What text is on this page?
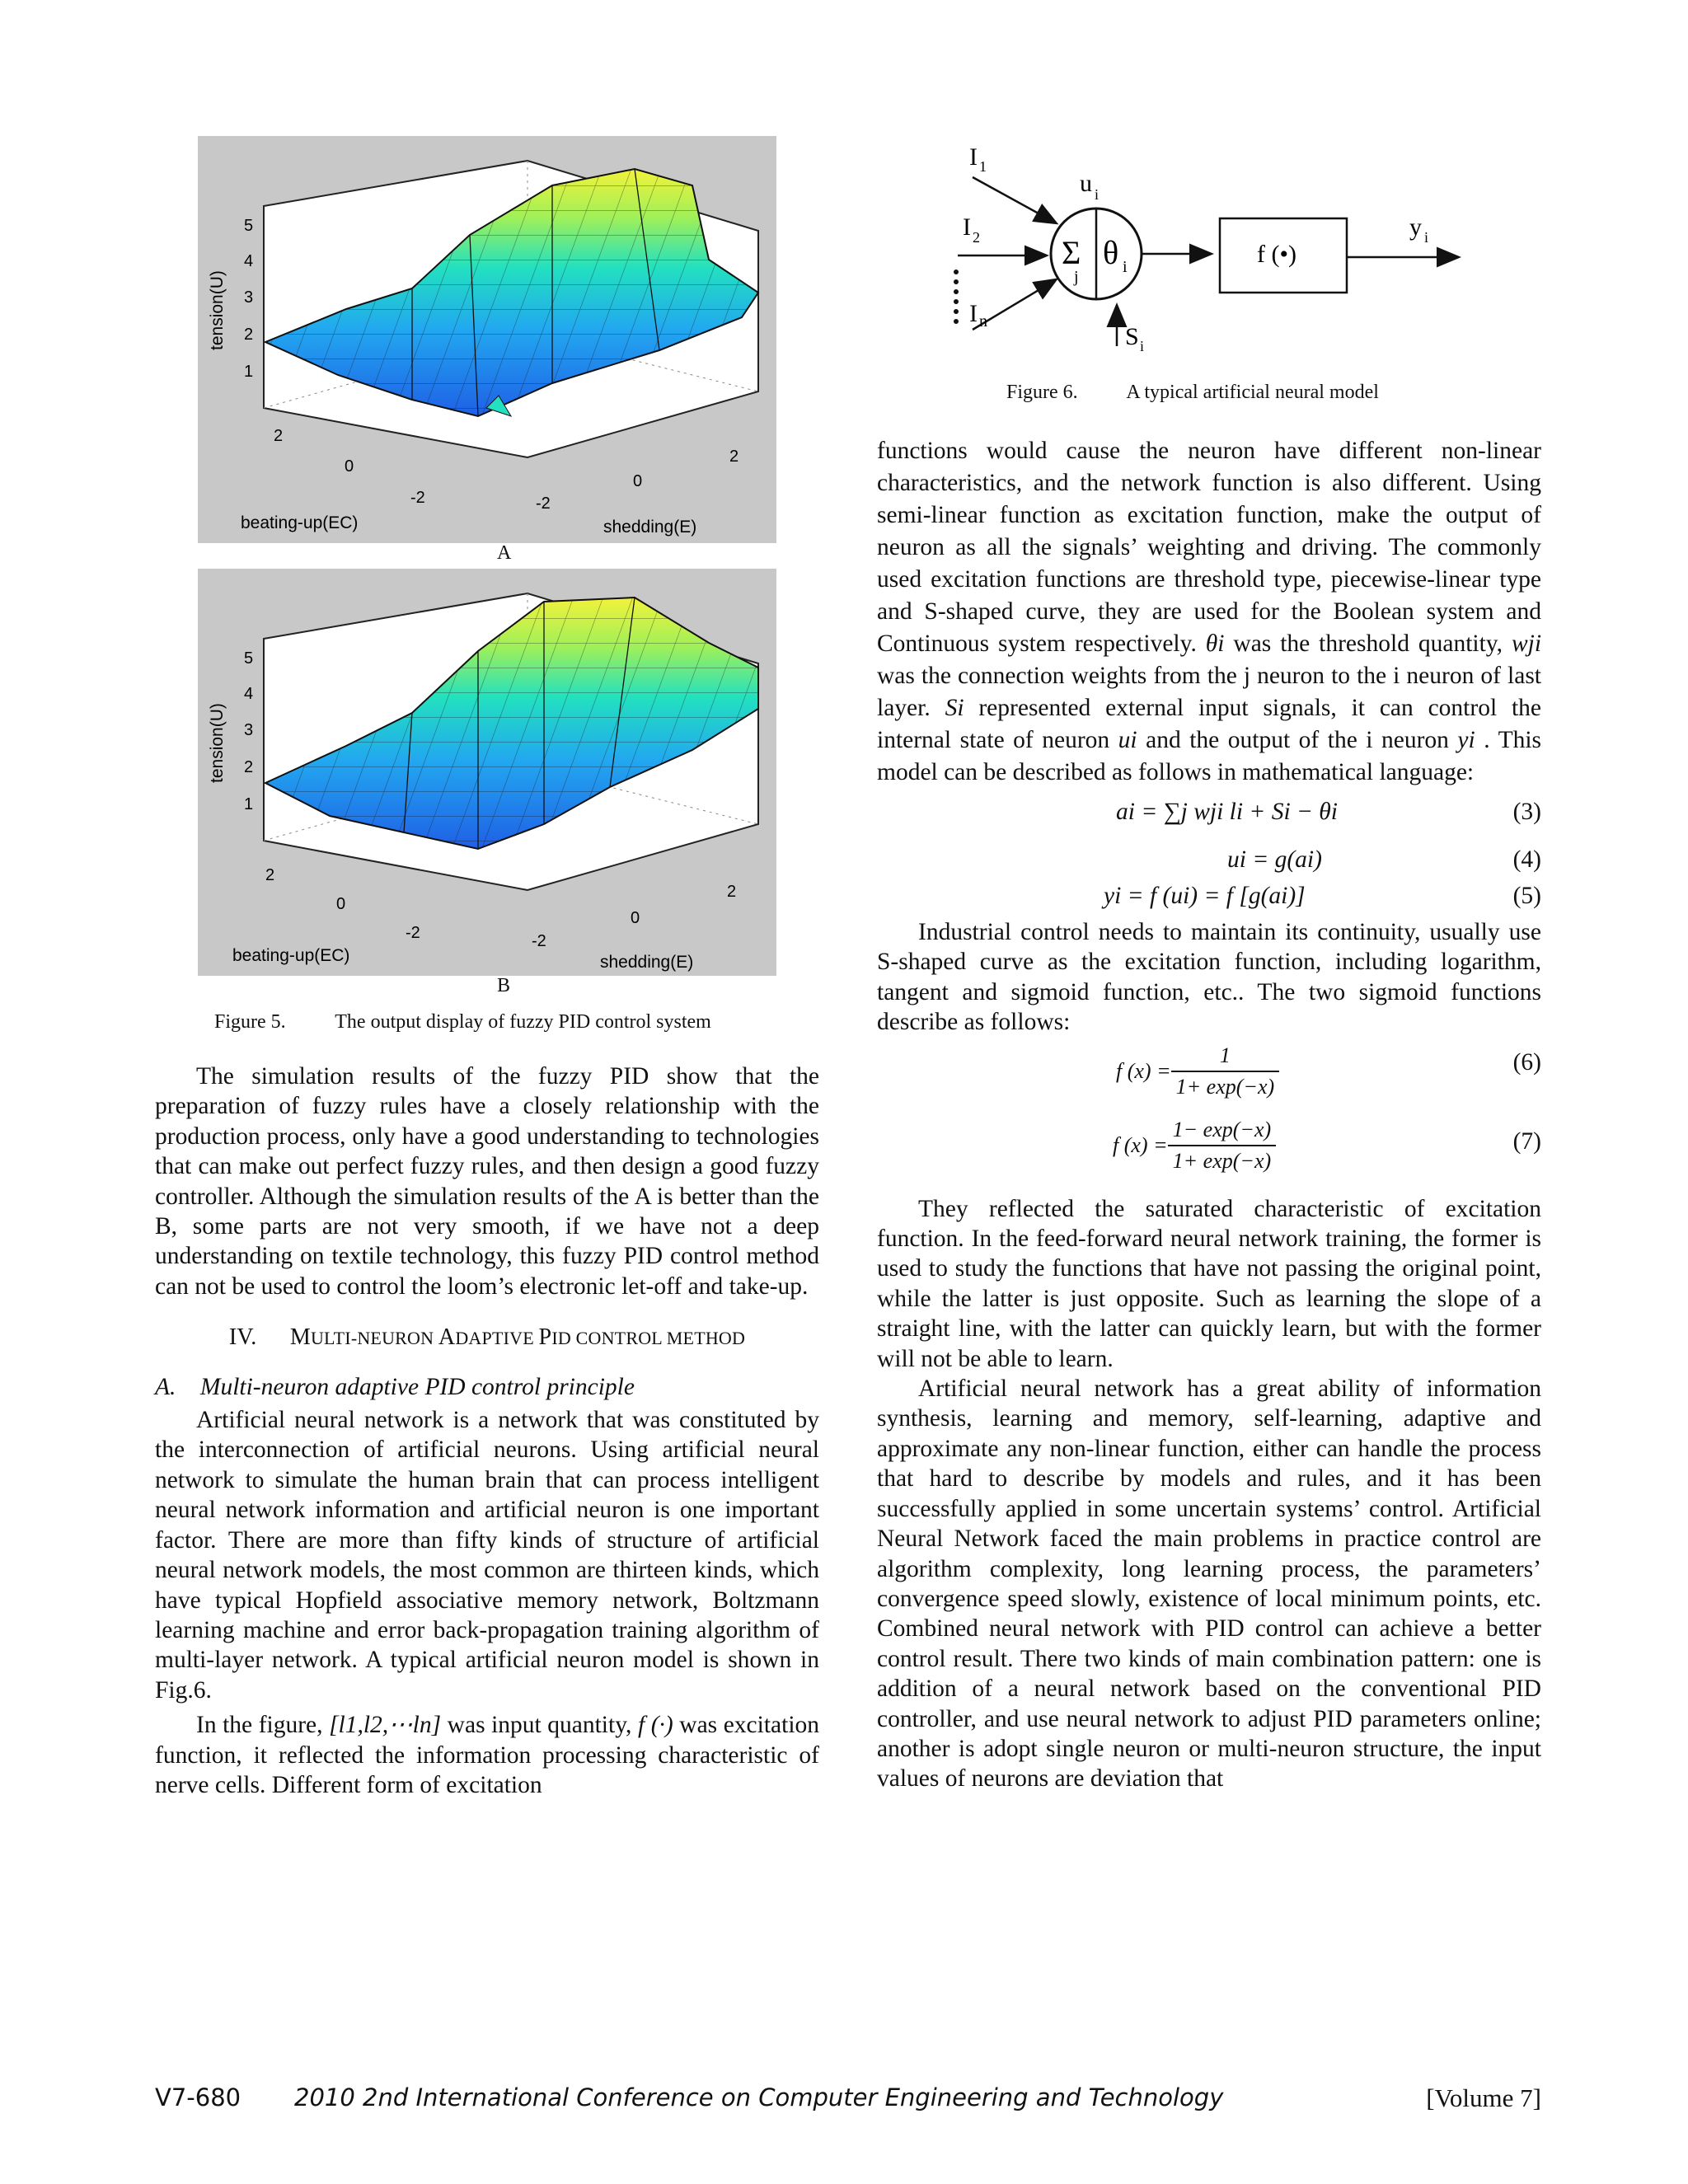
5
4
3
2
1
tension(U)
2
0
-2	-2
0
2
beating-up(EC)	shedding(E)
A
5
4
3
2
1
tension(U)
2
0
-2	-2
0
2
beating-up(EC)	shedding(E)
B
Figure 5. The output display of fuzzy PID control system
I 1
I 2
I n
Σ
j
θ i
u i
S i
f (•)
y i
Figure 6. A typical artificial neural model

The simulation results of the fuzzy PID show that the preparation of fuzzy rules have a closely relationship with the production process, only have a good understanding to technologies that can make out perfect fuzzy rules, and then design a good fuzzy controller. Although the simulation results of the A is better than the B, some parts are not very smooth, if we have not a deep understanding on textile technology, this fuzzy PID control method can not be used to control the loom’s electronic let-off and take-up.

IV. MULTI-NEURON ADAPTIVE PID CONTROL METHOD

A.    Multi-neuron adaptive PID control principle

Artificial neural network is a network that was constituted by the interconnection of artificial neurons. Using artificial neural network to simulate the human brain that can process intelligent neural network information and artificial neuron is one important factor. There are more than fifty kinds of structure of artificial neural network models, the most common are thirteen kinds, which have typical Hopfield associative memory network, Boltzmann learning machine and error back-propagation training algorithm of multi-layer network. A typical artificial neuron model is shown in Fig.6.

In the figure, [l1,l2,⋯ln] was input quantity, f (·) was excitation function, it reflected the information processing characteristic of nerve cells. Different form of excitation

functions would cause the neuron have different non-linear characteristics, and the network function is also different. Using semi-linear function as excitation function, make the output of neuron as all the signals’ weighting and driving. The commonly used excitation functions are threshold type, piecewise-linear type and S-shaped curve, they are used for the Boolean system and Continuous system respectively. θi was the threshold quantity, wji was the connection weights from the j neuron to the i neuron of last layer. Si represented external input signals, it can control the internal state of neuron ui and the output of the i neuron yi . This model can be described as follows in mathematical language:

ai = ∑j wji li + Si − θi	(3)
ui = g(ai)	(4)
yi = f (ui) = f [g(ai)]	(5)

Industrial control needs to maintain its continuity, usually use S-shaped curve as the excitation function, including logarithm, tangent and sigmoid function, etc.. The two sigmoid functions describe as follows:

f $(x) = \frac{1}{1+ \exp(-x)}$	(6)
f $(x) = \frac{1- \exp(-x)}{1+ \exp(-x)}$	(7)

They reflected the saturated characteristic of excitation function. In the feed-forward neural network training, the former is used to study the functions that have not passing the original point, while the latter is just opposite. Such as learning the slope of a straight line, with the latter can quickly learn, but with the former will not be able to learn.

Artificial neural network has a great ability of information synthesis, learning and memory, self-learning, adaptive and approximate any non-linear function, either can handle the process that hard to describe by models and rules, and it has been successfully applied in some uncertain systems’ control. Artificial Neural Network faced the main problems in practice control are algorithm complexity, long learning process, the parameters’ convergence speed slowly, existence of local minimum points, etc. Combined neural network with PID control can achieve a better control result. There two kinds of main combination pattern: one is addition of a neural network based on the conventional PID controller, and use neural network to adjust PID parameters online; another is adopt single neuron or multi-neuron structure, the input values of neurons are deviation that

V7-680 2010 2nd International Conference on Computer Engineering and Technology	[Volume 7]
